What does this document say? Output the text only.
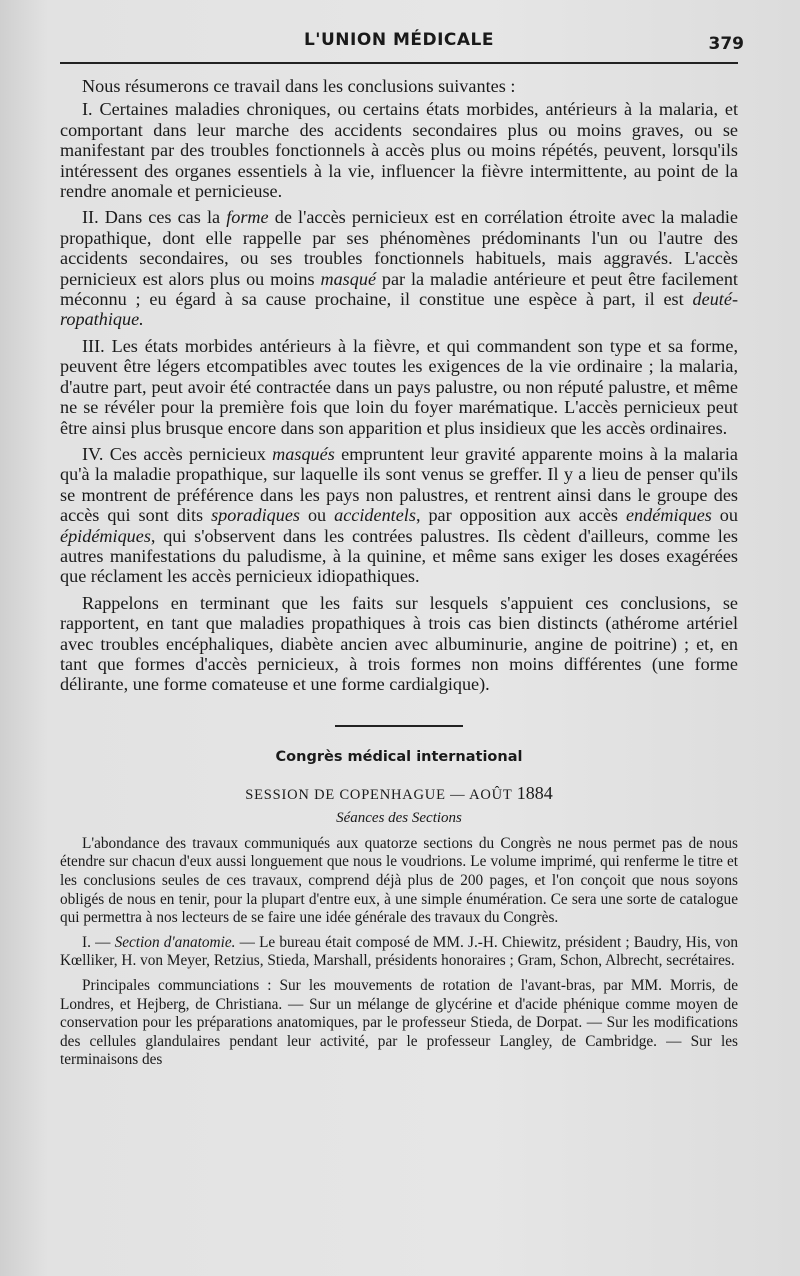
L'UNION MÉDICALE	379

Nous résumerons ce travail dans les conclusions suivantes :

I. Certaines maladies chroniques, ou certains états morbides, antérieurs à la malaria, et comportant dans leur marche des accidents secondaires plus ou moins graves, ou se manifestant par des troubles fonctionnels à accès plus ou moins répétés, peuvent, lorsqu'ils intéressent des organes essentiels à la vie, influencer la fièvre intermittente, au point de la rendre anomale et pernicieuse.

II. Dans ces cas la forme de l'accès pernicieux est en corrélation étroite avec la maladie propathique, dont elle rappelle par ses phénomènes prédominants l'un ou l'autre des accidents secondaires, ou ses troubles fonctionnels habituels, mais aggravés. L'accès pernicieux est alors plus ou moins masqué par la maladie antérieure et peut être facilement méconnu ; eu égard à sa cause prochaine, il constitue une espèce à part, il est deutéropathique.

III. Les états morbides antérieurs à la fièvre, et qui commandent son type et sa forme, peuvent être légers etcompatibles avec toutes les exigences de la vie ordinaire ; la malaria, d'autre part, peut avoir été contractée dans un pays palustre, ou non réputé palustre, et même ne se révéler pour la première fois que loin du foyer marématique. L'accès pernicieux peut être ainsi plus brusque encore dans son apparition et plus insidieux que les accès ordinaires.

IV. Ces accès pernicieux masqués empruntent leur gravité apparente moins à la malaria qu'à la maladie propathique, sur laquelle ils sont venus se greffer. Il y a lieu de penser qu'ils se montrent de préférence dans les pays non palustres, et rentrent ainsi dans le groupe des accès qui sont dits sporadiques ou accidentels, par opposition aux accès endémiques ou épidémiques, qui s'observent dans les contrées palustres. Ils cèdent d'ailleurs, comme les autres manifestations du paludisme, à la quinine, et même sans exiger les doses exagérées que réclament les accès pernicieux idiopathiques.

Rappelons en terminant que les faits sur lesquels s'appuient ces conclusions, se rapportent, en tant que maladies propathiques à trois cas bien distincts (athérome artériel avec troubles encéphaliques, diabète ancien avec albuminurie, angine de poitrine) ; et, en tant que formes d'accès pernicieux, à trois formes non moins différentes (une forme délirante, une forme comateuse et une forme cardialgique).

Congrès médical international
SESSION DE COPENHAGUE — AOÛT 1884
Séances des Sections

L'abondance des travaux communiqués aux quatorze sections du Congrès ne nous permet pas de nous étendre sur chacun d'eux aussi longuement que nous le voudrions. Le volume imprimé, qui renferme le titre et les conclusions seules de ces travaux, comprend déjà plus de 200 pages, et l'on conçoit que nous soyons obligés de nous en tenir, pour la plupart d'entre eux, à une simple énumération. Ce sera une sorte de catalogue qui permettra à nos lecteurs de se faire une idée générale des travaux du Congrès.

I. — Section d'anatomie. — Le bureau était composé de MM. J.-H. Chiewitz, président ; Baudry, His, von Kœlliker, H. von Meyer, Retzius, Stieda, Marshall, présidents honoraires ; Gram, Schon, Albrecht, secrétaires.

Principales communciations : Sur les mouvements de rotation de l'avant-bras, par MM. Morris, de Londres, et Hejberg, de Christiana. — Sur un mélange de glycérine et d'acide phénique comme moyen de conservation pour les préparations anatomiques, par le professeur Stieda, de Dorpat. — Sur les modifications des cellules glandulaires pendant leur activité, par le professeur Langley, de Cambridge. — Sur les terminaisons des
